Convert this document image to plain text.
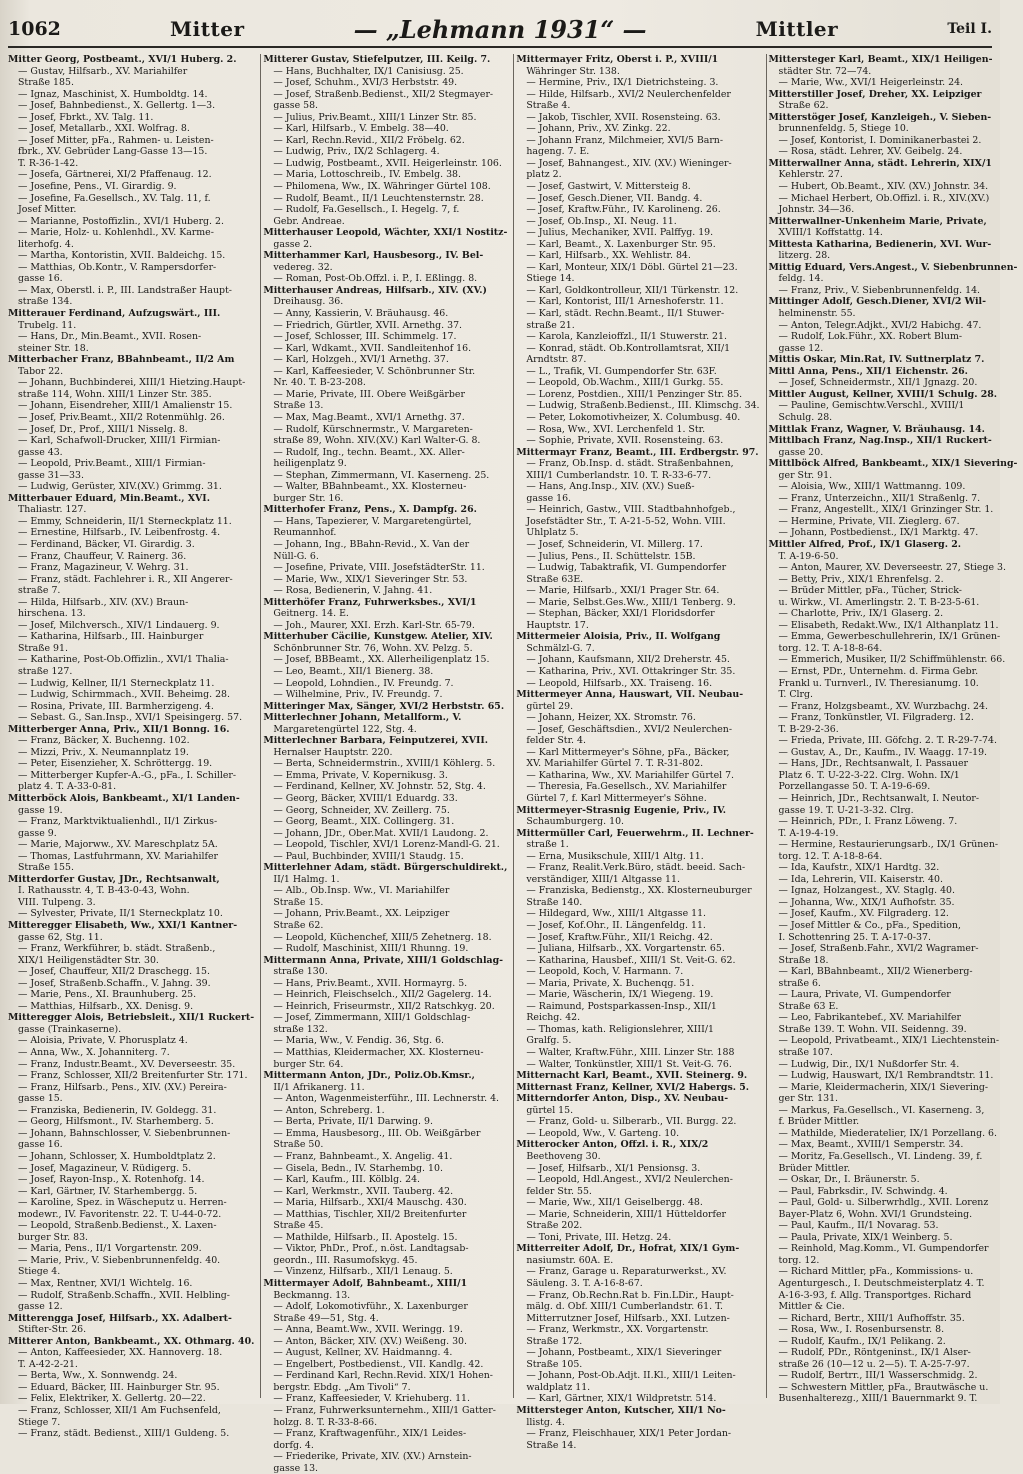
1062	Mitter	— „Lehmann 1931“ —	Mittler	Teil I.
Mitter Georg, Postbeamt., XVI/1 Huberg. 2.
— Gustav, Hilfsarb., XV. Mariahilfer
Straße 185.
— Ignaz, Maschinist, X. Humboldtg. 14.
— Josef, Bahnbedienst., X. Gellertg. 1—3.
— Josef, Fbrkt., XV. Talg. 11.
— Josef, Metallarb., XXI. Wolfrag. 8.
— Josef Mitter, pFa., Rahmen- u. Leisten-
fbrk., XV. Gebrüder Lang-Gasse 13—15.
T. R-36-1-42.
— Josefa, Gärtnerei, XI/2 Pfaffenaug. 12.
— Josefine, Pens., VI. Girardig. 9.
— Josefine, Fa.Gesellsch., XV. Talg. 11, f.
Josef Mitter.
— Marianne, Postoffizlin., XVI/1 Huberg. 2.
— Marie, Holz- u. Kohlenhdl., XV. Karme-
literhofg. 4.
— Martha, Kontoristin, XVII. Baldeichg. 15.
— Matthias, Ob.Kontr., V. Rampersdorfer-
gasse 16.
— Max, Oberstl. i. P., III. Landstraßer Haupt-
straße 134.
Mitterauer Ferdinand, Aufzugswärt., III.
Trubelg. 11.
— Hans, Dr., Min.Beamt., XVII. Rosen-
steiner Str. 18.
Mitterbacher Franz, BBahnbeamt., II/2 Am
Tabor 22.
— Johann, Buchbinderei, XIII/1 Hietzing.Haupt-
straße 114, Wohn. XIII/1 Linzer Str. 385.
— Johann, Eisendreher, XIII/1 Amalienstr 15.
— Josef, Priv.Beamt., XII/2 Rotenmühlg. 26.
— Josef, Dr., Prof., XIII/1 Nisselg. 8.
— Karl, Schafwoll-Drucker, XIII/1 Firmian-
gasse 43.
— Leopold, Priv.Beamt., XIII/1 Firmian-
gasse 31—33.
— Ludwig, Gerüster, XIV.(XV.) Grimmg. 31.
Mitterbauer Eduard, Min.Beamt., XVI.
Thaliastr. 127.
— Emmy, Schneiderin, II/1 Sterneckplatz 11.
— Ernestine, Hilfsarb., IV. Leibenfrostg. 4.
— Ferdinand, Bäcker, VI. Girardig. 3.
— Franz, Chauffeur, V. Rainerg. 36.
— Franz, Magazineur, V. Wehrg. 31.
— Franz, städt. Fachlehrer i. R., XII Angerer-
straße 7.
— Hilda, Hilfsarb., XIV. (XV.) Braun-
hirschena. 13.
— Josef, Milchversch., XIV/1 Lindauerg. 9.
— Katharina, Hilfsarb., III. Hainburger
Straße 91.
— Katharine, Post-Ob.Offizlin., XVI/1 Thalia-
straße 127.
— Ludwig, Kellner, II/1 Sterneckplatz 11.
— Ludwig, Schirmmach., XVII. Beheimg. 28.
— Rosina, Private, III. Barmherzigeng. 4.
— Sebast. G., San.Insp., XVI/1 Speisingerg. 57.
Mitterberger Anna, Priv., XII/1 Bonng. 16.
— Franz, Bäcker, X. Buchenng. 102.
— Mizzi, Priv., X. Neumannplatz 19.
— Peter, Eisenzieher, X. Schröttergg. 19.
— Mitterberger Kupfer-A.-G., pFa., I. Schiller-
platz 4. T. A-33-0-81.
Mitterböck Alois, Bankbeamt., XI/1 Landen-
gasse 19.
— Franz, Marktviktualienhdl., II/1 Zirkus-
gasse 9.
— Marie, Majorww., XV. Mareschplatz 5A.
— Thomas, Lastfuhrmann, XV. Mariahilfer
Straße 155.
Mitterdorfer Gustav, JDr., Rechtsanwalt,
I. Rathausstr. 4, T. B-43-0-43, Wohn.
VIII. Tulpeng. 3.
— Sylvester, Private, II/1 Sterneckplatz 10.
Mitteregger Elisabeth, Ww., XXI/1 Kantner-
gasse 62, Stg. 11.
— Franz, Werkführer, b. städt. Straßenb.,
XIX/1 Heiligenstädter Str. 30.
— Josef, Chauffeur, XII/2 Draschegg. 15.
— Josef, Straßenb.Schaffn., V. Jahng. 39.
— Marie, Pens., XI. Braunhuberg. 25.
— Matthias, Hilfsarb., XX. Denisg. 9.
Mitteregger Alois, Betriebsleit., XII/1 Ruckert-
gasse (Trainkaserne).
— Aloisia, Private, V. Phorusplatz 4.
— Anna, Ww., X. Johanniterg. 7.
— Franz, Industr.Beamt., XV. Deverseestr. 35.
— Franz, Schlosser, XII/2 Breitenfurter Str. 171.
— Franz, Hilfsarb., Pens., XIV. (XV.) Pereira-
gasse 15.
— Franziska, Bedienerin, IV. Goldegg. 31.
— Georg, Hilfsmont., IV. Starhemberg. 5.
— Johann, Bahnschlosser, V. Siebenbrunnen-
gasse 16.
— Johann, Schlosser, X. Humboldtplatz 2.
— Josef, Magazineur, V. Rüdigerg. 5.
— Josef, Rayon-Insp., X. Rotenhofg. 14.
— Karl, Gärtner, IV. Starhembergg. 5.
— Karoline, Spez. in Wäscheputz u. Herren-
modewr., IV. Favoritenstr. 22. T. U-44-0-72.
— Leopold, Straßenb.Bedienst., X. Laxen-
burger Str. 83.
— Maria, Pens., II/1 Vorgartenstr. 209.
— Marie, Priv., V. Siebenbrunnenfeldg. 40.
Stiege 4.
— Max, Rentner, XVI/1 Wichtelg. 16.
— Rudolf, Straßenb.Schaffn., XVII. Helbling-
gasse 12.
Mitterengga Josef, Hilfsarb., XX. Adalbert-
Stifter-Str. 26.
Mitterer Anton, Bankbeamt., XX. Othmarg. 40.
— Anton, Kaffeesieder, XX. Hannoverg. 18.
T. A-42-2-21.
— Berta, Ww., X. Sonnwendg. 24.
— Eduard, Bäcker, III. Hainburger Str. 95.
— Felix, Elektriker, X. Gellertg. 20—22.
— Franz, Schlosser, XII/1 Am Fuchsenfeld,
Stiege 7.
— Franz, städt. Bedienst., XIII/1 Guldeng. 5.
Mitterer Gustav, Stiefelputzer, III. Keilg. 7.
— Hans, Buchhalter, IX/1 Canisiusg. 25.
— Josef, Schuhm., XVI/3 Herbststr. 49.
— Josef, Straßenb.Bedienst., XII/2 Stegmayer-
gasse 58.
— Julius, Priv.Beamt., XIII/1 Linzer Str. 85.
— Karl, Hilfsarb., V. Embelg. 38—40.
— Karl, Rechn.Revid., XII/2 Fröbelg. 62.
— Ludwig, Priv., IX/2 Schlagerg. 4.
— Ludwig, Postbeamt., XVII. Heigerleinstr. 106.
— Maria, Lottoschreib., IV. Embelg. 38.
— Philomena, Ww., IX. Währinger Gürtel 108.
— Rudolf, Beamt., II/1 Leuchtensternstr. 28.
— Rudolf, Fa.Gesellsch., I. Hegelg. 7, f.
Gebr. Andreae.
Mitterhauser Leopold, Wächter, XXI/1 Nostitz-
gasse 2.
Mitterhammer Karl, Hausbesorg., IV. Bel-
vedereg. 32.
— Roman, Post-Ob.Offzl. i. P., I. Eßlingg. 8.
Mitterhauser Andreas, Hilfsarb., XIV. (XV.)
Dreihausg. 36.
— Anny, Kassierin, V. Bräuhausg. 46.
— Friedrich, Gürtler, XVII. Arnethg. 37.
— Josef, Schlosser, III. Schimmelg. 17.
— Karl, Wdkamt., XVII. Sandleitenhof 16.
— Karl, Holzgeh., XVI/1 Arnethg. 37.
— Karl, Kaffeesieder, V. Schönbrunner Str.
Nr. 40. T. B-23-208.
— Marie, Private, III. Obere Weißgärber
Straße 13.
— Max, Mag.Beamt., XVI/1 Arnethg. 37.
— Rudolf, Kürschnermstr., V. Margareten-
straße 89, Wohn. XIV.(XV.) Karl Walter-G. 8.
— Rudolf, Ing., techn. Beamt., XX. Aller-
heiligenplatz 9.
— Stephan, Zimmermann, VI. Kaserneng. 25.
— Walter, BBahnbeamt., XX. Klosterneu-
burger Str. 16.
Mitterhofer Franz, Pens., X. Dampfg. 26.
— Hans, Tapezierer, V. Margaretengürtel,
Reumannhof.
— Johann, Ing., BBahn-Revid., X. Van der
Nüll-G. 6.
— Josefine, Private, VIII. JosefstädterStr. 11.
— Marie, Ww., XIX/1 Sieveringer Str. 53.
— Rosa, Bedienerin, V. Jahng. 41.
Mitterhöfer Franz, Fuhrwerksbes., XVI/1
Geitnerg. 14. E.
— Joh., Maurer, XXI. Erzh. Karl-Str. 65-79.
Mitterhuber Cäcilie, Kunstgew. Atelier, XIV.
Schönbrunner Str. 76, Wohn. XV. Pelzg. 5.
— Josef, BBBeamt., XX. Allerheiligenplatz 15.
— Leo, Beamt., XII/1 Bienerg. 38.
— Leopold, Lohndien., IV. Freundg. 7.
— Wilhelmine, Priv., IV. Freundg. 7.
Mitteringer Max, Sänger, XVI/2 Herbststr. 65.
Mitterlechner Johann, Metallform., V.
Margaretengürtel 122, Stg. 4.
Mitterlechner Barbara, Feinputzerei, XVII.
Hernalser Hauptstr. 220.
— Berta, Schneidermstrin., XVIII/1 Köhlerg. 5.
— Emma, Private, V. Kopernikusg. 3.
— Ferdinand, Kellner, XV. Johnstr. 52, Stg. 4.
— Georg, Bäcker, XVIII/1 Eduardg. 33.
— Georg, Schneider, XV. Zeillerg. 75.
— Georg, Beamt., XIX. Collingerg. 31.
— Johann, JDr., Ober.Mat. XVII/1 Laudong. 2.
— Leopold, Tischler, XVI/1 Lorenz-Mandl-G. 21.
— Paul, Buchbinder, XVIII/1 Staudg. 15.
Mitterlehner Adam, städt. Bürgerschuldirekt.,
II/1 Halmg. 1.
— Alb., Ob.Insp. Ww., VI. Mariahilfer
Straße 15.
— Johann, Priv.Beamt., XX. Leipziger
Straße 62.
— Leopold, Küchenchef, XIII/5 Zehetnerg. 18.
— Rudolf, Maschinist, XIII/1 Rhunng. 19.
Mittermann Anna, Private, XIII/1 Goldschlag-
straße 130.
— Hans, Priv.Beamt., XVII. Hormayrg. 5.
— Heinrich, Fleischselch., XII/2 Gagelerg. 14.
— Heinrich, Friseurmstr., XII/2 Ratschkyg. 20.
— Josef, Zimmermann, XIII/1 Goldschlag-
straße 132.
— Maria, Ww., V. Fendig. 36, Stg. 6.
— Matthias, Kleidermacher, XX. Klosterneu-
burger Str. 64.
Mittermann Anton, JDr., Poliz.Ob.Kmsr.,
II/1 Afrikanerg. 11.
— Anton, Wagenmeisterführ., III. Lechnerstr. 4.
— Anton, Schreberg. 1.
— Berta, Private, II/1 Darwing. 9.
— Emma, Hausbesorg., III. Ob. Weißgärber
Straße 50.
— Franz, Bahnbeamt., X. Angelig. 41.
— Gisela, Bedn., IV. Starhembg. 10.
— Karl, Kaufm., III. Kölblg. 24.
— Karl, Werkmstr., XVII. Tauberg. 42.
— Maria, Hilfsarb., XXI/4 Mauschg. 430.
— Matthias, Tischler, XII/2 Breitenfurter
Straße 45.
— Mathilde, Hilfsarb., II. Apostelg. 15.
— Viktor, PhDr., Prof., n.öst. Landtagsab-
geordn., III. Rasumofskyg. 45.
— Vinzenz, Hilfsarb., XII/1 Lenaug. 5.
Mittermayer Adolf, Bahnbeamt., XIII/1
Beckmanng. 13.
— Adolf, Lokomotivführ., X. Laxenburger
Straße 49—51, Stg. 4.
— Anna, Beamt.Ww., XVII. Weringg. 19.
— Anton, Bäcker, XIV. (XV.) Weißeng. 30.
— August, Kellner, XV. Haidmanng. 4.
— Engelbert, Postbedienst., VII. Kandlg. 42.
— Ferdinand Karl, Rechn.Revid. XIX/1 Hohen-
bergstr. Ebdg. „Am Tivoli“ 7.
— Franz, Kaffeesieder, V. Kriehuberg. 11.
— Franz, Fuhrwerksunternehm., XIII/1 Gatter-
holzg. 8. T. R-33-8-66.
— Franz, Kraftwagenführ., XIX/1 Leides-
dorfg. 4.
— Friederike, Private, XIV. (XV.) Arnstein-
gasse 13.
Mittermayer Fritz, Oberst i. P., XVIII/1
Währinger Str. 138.
— Hermine, Priv., IX/1 Dietrichsteing. 3.
— Hilde, Hilfsarb., XVI/2 Neulerchenfelder
Straße 4.
— Jakob, Tischler, XVII. Rosensteing. 63.
— Johann, Priv., XV. Zinkg. 22.
— Johann Franz, Milchmeier, XVI/5 Barn-
hageng. 7. E.
— Josef, Bahnangest., XIV. (XV.) Wieninger-
platz 2.
— Josef, Gastwirt, V. Mittersteig 8.
— Josef, Gesch.Diener, VII. Bandg. 4.
— Josef, Kraftw.Führ., IV. Karolineng. 26.
— Josef, Ob.Insp., XI. Neug. 11.
— Julius, Mechaniker, XVII. Palffyg. 19.
— Karl, Beamt., X. Laxenburger Str. 95.
— Karl, Hilfsarb., XX. Wehlistr. 84.
— Karl, Monteur, XIX/1 Döbl. Gürtel 21—23.
Stiege 14.
— Karl, Goldkontrolleur, XII/1 Türkenstr. 12.
— Karl, Kontorist, III/1 Arneshoferstr. 11.
— Karl, städt. Rechn.Beamt., II/1 Stuwer-
straße 21.
— Karola, Kanzleioffzl., II/1 Stuwerstr. 21.
— Konrad, städt. Ob.Kontrollamtsrat, XII/1
Arndtstr. 87.
— L., Trafik, VI. Gumpendorfer Str. 63F.
— Leopold, Ob.Wachm., XIII/1 Gurkg. 55.
— Lorenz, Postdien., XIII/1 Penzinger Str. 85.
— Ludwig, Straßenb.Bedienst., III. Klimschg. 34.
— Peter, Lokomotivheizer, X. Columbusg. 40.
— Rosa, Ww., XVI. Lerchenfeld 1. Str.
— Sophie, Private, XVII. Rosensteing. 63.
Mittermayr Franz, Beamt., III. Erdbergstr. 97.
— Franz, Ob.Insp. d. städt. Straßenbahnen,
XIII/1 Cumberlandstr. 10. T. R-33-6-77.
— Hans, Ang.Insp., XIV. (XV.) Sueß-
gasse 16.
— Heinrich, Gastw., VIII. Stadtbahnhofgeb.,
Josefstädter Str., T. A-21-5-52, Wohn. VIII.
Uhlplatz 5.
— Josef, Schneiderin, VI. Millerg. 17.
— Julius, Pens., II. Schüttelstr. 15B.
— Ludwig, Tabaktrafik, VI. Gumpendorfer
Straße 63E.
— Marie, Hilfsarb., XXI/1 Prager Str. 64.
— Marie, Selbst.Ges.Ww., XIII/1 Tenberg. 9.
— Stephan, Bäcker, XXI/1 Floridsdorfer
Hauptstr. 17.
Mittermeier Aloisia, Priv., II. Wolfgang
Schmälzl-G. 7.
— Johann, Kaufsmann, XII/2 Dreherstr. 45.
— Katharina, Priv., XVI. Ottakringer Str. 35.
— Leopold, Hilfsarb., XX. Traiseng. 16.
Mittermeyer Anna, Hauswart, VII. Neubau-
gürtel 29.
— Johann, Heizer, XX. Stromstr. 76.
— Josef, Geschäftsdien., XVI/2 Neulerchen-
felder Str. 4.
— Karl Mittermeyer's Söhne, pFa., Bäcker,
XV. Mariahilfer Gürtel 7. T. R-31-802.
— Katharina, Ww., XV. Mariahilfer Gürtel 7.
— Theresia, Fa.Gesellsch., XV. Mariahilfer
Gürtel 7, f. Karl Mittermeyer's Söhne.
Mittermeyer-Strasnig Eugenie, Priv., IV.
Schaumburgerg. 10.
Mittermüller Carl, Feuerwehrm., II. Lechner-
straße 1.
— Erna, Musikschule, XIII/1 Altg. 11.
— Franz, Realit.Verk.Büro, städt. beeid. Sach-
verständiger, XIII/1 Altgasse 11.
— Franziska, Bedienstg., XX. Klosterneuburger
Straße 140.
— Hildegard, Ww., XIII/1 Altgasse 11.
— Josef, Kof.Ohr., II. Längenfeldg. 11.
— Josef, Kraftw.Führ., XII/1 Reichg. 42.
— Juliana, Hilfsarb., XX. Vorgartenstr. 65.
— Katharina, Hausbef., XIII/1 St. Veit-G. 62.
— Leopold, Koch, V. Harmann. 7.
— Maria, Private, X. Buchenqg. 51.
— Marie, Wäscherin, IX/1 Wiegeng. 19.
— Raimund, Postsparkassen-Insp., XII/1
Reichg. 42.
— Thomas, kath. Religionslehrer, XIII/1
Gralfg. 5.
— Walter, Kraftw.Führ., XIII. Linzer Str. 188
— Walter, Tonkünstler, XIII/1 St. Veit-G. 76.
Mitternacht Karl, Beamt., XVII. Steinerg. 9.
Mitternast Franz, Kellner, XVI/2 Habergs. 5.
Mitterndorfer Anton, Disp., XV. Neubau-
gürtel 15.
— Franz, Gold- u. Silberarb., VII. Burgg. 22.
— Leopold, Ww., V. Garteng. 10.
Mitterocker Anton, Offzl. i. R., XIX/2
Beethoveng 30.
— Josef, Hilfsarb., XI/1 Pensionsg. 3.
— Leopold, Hdl.Angest., XVI/2 Neulerchen-
felder Str. 55.
— Marie, Ww., XII/1 Geiselbergg. 48.
— Marie, Schneiderin, XIII/1 Hütteldorfer
Straße 202.
— Toni, Private, III. Hetzg. 24.
Mitterreiter Adolf, Dr., Hofrat, XIX/1 Gym-
nasiumstr. 60A. E.
— Franz, Garage u. Reparaturwerkst., XV.
Säuleng. 3. T. A-16-8-67.
— Franz, Ob.Rechn.Rat b. Fin.LDir., Haupt-
mälg. d. Obf. XIII/1 Cumberlandstr. 61. T.
Mitterrutzner Josef, Hilfsarb., XXI. Lutzen-
— Franz, Werkmstr., XX. Vorgartenstr.
Straße 172.
— Johann, Postbeamt., XIX/1 Sieveringer
Straße 105.
— Johann, Post-Ob.Adjt. II.Kl., XIII/1 Leiten-
waldplatz 11.
— Karl, Gärtner, XIX/1 Wildpretstr. 514.
Mittersteger Anton, Kutscher, XII/1 No-
llistg. 4.
— Franz, Fleischhauer, XIX/1 Peter Jordan-
Straße 14.
Mittersteger Karl, Beamt., XIX/1 Heiligen-
städter Str. 72—74.
— Marie, Ww., XVI/1 Heigerleinstr. 24.
Mitterstiller Josef, Dreher, XX. Leipziger
Straße 62.
Mitterstöger Josef, Kanzleigeh., V. Sieben-
brunnenfeldg. 5, Stiege 10.
— Josef, Kontorist, I. Dominikanerbastei 2.
— Rosa, städt. Lehrer, XV. Geibelg. 24.
Mitterwallner Anna, städt. Lehrerin, XIX/1
Kehlerstr. 27.
— Hubert, Ob.Beamt., XIV. (XV.) Johnstr. 34.
— Michael Herbert, Ob.Offizl. i. R., XIV.(XV.)
Johnstr. 34—36.
Mitterwallner-Unkenheim Marie, Private,
XVIII/1 Koffstattg. 14.
Mittesta Katharina, Bedienerin, XVI. Wur-
litzerg. 28.
Mittig Eduard, Vers.Angest., V. Siebenbrunnen-
feldg. 14.
— Franz, Priv., V. Siebenbrunnenfeldg. 14.
Mittinger Adolf, Gesch.Diener, XVI/2 Wil-
helminenstr. 55.
— Anton, Telegr.Adjkt., XVI/2 Habichg. 47.
— Rudolf, Lok.Führ., XX. Robert Blum-
gasse 12.
Mittis Oskar, Min.Rat, IV. Suttnerplatz 7.
Mittl Anna, Pens., XII/1 Eichenstr. 26.
— Josef, Schneidermstr., XII/1 Jgnazg. 20.
Mittler August, Kellner, XVIII/1 Schulg. 28.
— Pauline, Gemischtw.Verschl., XVIII/1
Schulg. 28.
Mittlak Franz, Wagner, V. Bräuhausg. 14.
Mittlbach Franz, Nag.Insp., XII/1 Ruckert-
gasse 20.
Mittlböck Alfred, Bankbeamt., XIX/1 Sievering-
ger Str. 91.
— Aloisia, Ww., XIII/1 Wattmanng. 109.
— Franz, Unterzeichn., XII/1 Straßenlg. 7.
— Franz, Angestellt., XIX/1 Grinzinger Str. 1.
— Hermine, Private, VII. Zieglerg. 67.
— Johann, Postbedienst., IX/1 Marktg. 47.
Mittler Alfred, Prof., IX/1 Glaserg. 2.
T. A-19-6-50.
— Anton, Maurer, XV. Deverseestr. 27, Stiege 3.
— Betty, Priv., XIX/1 Ehrenfelsg. 2.
— Brüder Mittler, pFa., Tücher, Strick-
u. Wirkw., VI. Amerlingstr. 2. T. B-23-5-61.
— Charlotte, Priv., IX/1 Glaserg. 2.
— Elisabeth, Redakt.Ww., IX/1 Althanplatz 11.
— Emma, Gewerbeschullehrerin, IX/1 Grünen-
torg. 12. T. A-18-8-64.
— Emmerich, Musiker, II/2 Schiffmühlenstr. 66.
— Ernst, PDr., Unternehm. d. Firma Gebr.
Frankl u. Turnverl., IV. Theresianumg. 10.
T. Clrg.
— Franz, Holzgsbeamt., XV. Wurzbachg. 24.
— Franz, Tonkünstler, VI. Filgraderg. 12.
T. B-29-2-36.
— Frieda, Private, III. Göfchg. 2. T. R-29-7-74.
— Gustav, A., Dr., Kaufm., IV. Waagg. 17-19.
— Hans, JDr., Rechtsanwalt, I. Passauer
Platz 6. T. U-22-3-22. Clrg. Wohn. IX/1
Porzellangasse 50. T. A-19-6-69.
— Heinrich, JDr., Rechtsanwalt, I. Neutor-
gasse 19. T. U-21-3-32. Clrg.
— Heinrich, PDr., I. Franz Löweng. 7.
T. A-19-4-19.
— Hermine, Restaurierungsarb., IX/1 Grünen-
torg. 12. T. A-18-8-64.
— Ida, Kaufstr., XIX/1 Hardtg. 32.
— Ida, Lehrerin, VII. Kaiserstr. 40.
— Ignaz, Holzangest., XV. Staglg. 40.
— Johanna, Ww., XIX/1 Aufhofstr. 35.
— Josef, Kaufm., XV. Filgraderg. 12.
— Josef Mittler & Co., pFa., Spedition,
I. Schottenring 25. T. A-17-0-37.
— Josef, Straßenb.Fahr., XVI/2 Wagramer-
Straße 18.
— Karl, BBahnbeamt., XII/2 Wienerberg-
straße 6.
— Laura, Private, VI. Gumpendorfer
Straße 63 E.
— Leo, Fabrikantebef., XV. Mariahilfer
Straße 139. T. Wohn. VII. Seidenng. 39.
— Leopold, Privatbeamt., XIX/1 Liechtenstein-
straße 107.
— Ludwig, Dir., IX/1 Nußdorfer Str. 4.
— Ludwig, Hauswart, IX/1 Rembrandtstr. 11.
— Marie, Kleidermacherin, XIX/1 Sievering-
ger Str. 131.
— Markus, Fa.Gesellsch., VI. Kaserneng. 3,
f. Brüder Mittler.
— Mathilde, Miederatelier, IX/1 Porzellang. 6.
— Max, Beamt., XVIII/1 Semperstr. 34.
— Moritz, Fa.Gesellsch., VI. Lindeng. 39, f.
Brüder Mittler.
— Oskar, Dr., I. Bräunerstr. 5.
— Paul, Fabrksdir., IV. Schwindg. 4.
— Paul, Gold- u. Silberwrhdlg., XVII. Lorenz
Bayer-Platz 6, Wohn. XVI/1 Grundsteing.
— Paul, Kaufm., II/1 Novarag. 53.
— Paula, Private, XIX/1 Weinberg. 5.
— Reinhold, Mag.Komm., VI. Gumpendorfer
torg. 12.
— Richard Mittler, pFa., Kommissions- u.
Agenturgesch., I. Deutschmeisterplatz 4. T.
A-16-3-93, f. Allg. Transportges. Richard
Mittler & Cie.
— Richard, Bertr., XIII/1 Aufhoffstr. 35.
— Rosa, Ww., I. Rosenbursenstr. 8.
— Rudolf, Kaufm., IX/1 Pelikang. 2.
— Rudolf, PDr., Röntgeninst., IX/1 Alser-
straße 26 (10—12 u. 2—5). T. A-25-7-97.
— Rudolf, Bertrr., III/1 Wasserschmidg. 2.
— Schwestern Mittler, pFa., Brautwäsche u.
Busenhalterezg., XIII/1 Bauernmarkt 9. T.
